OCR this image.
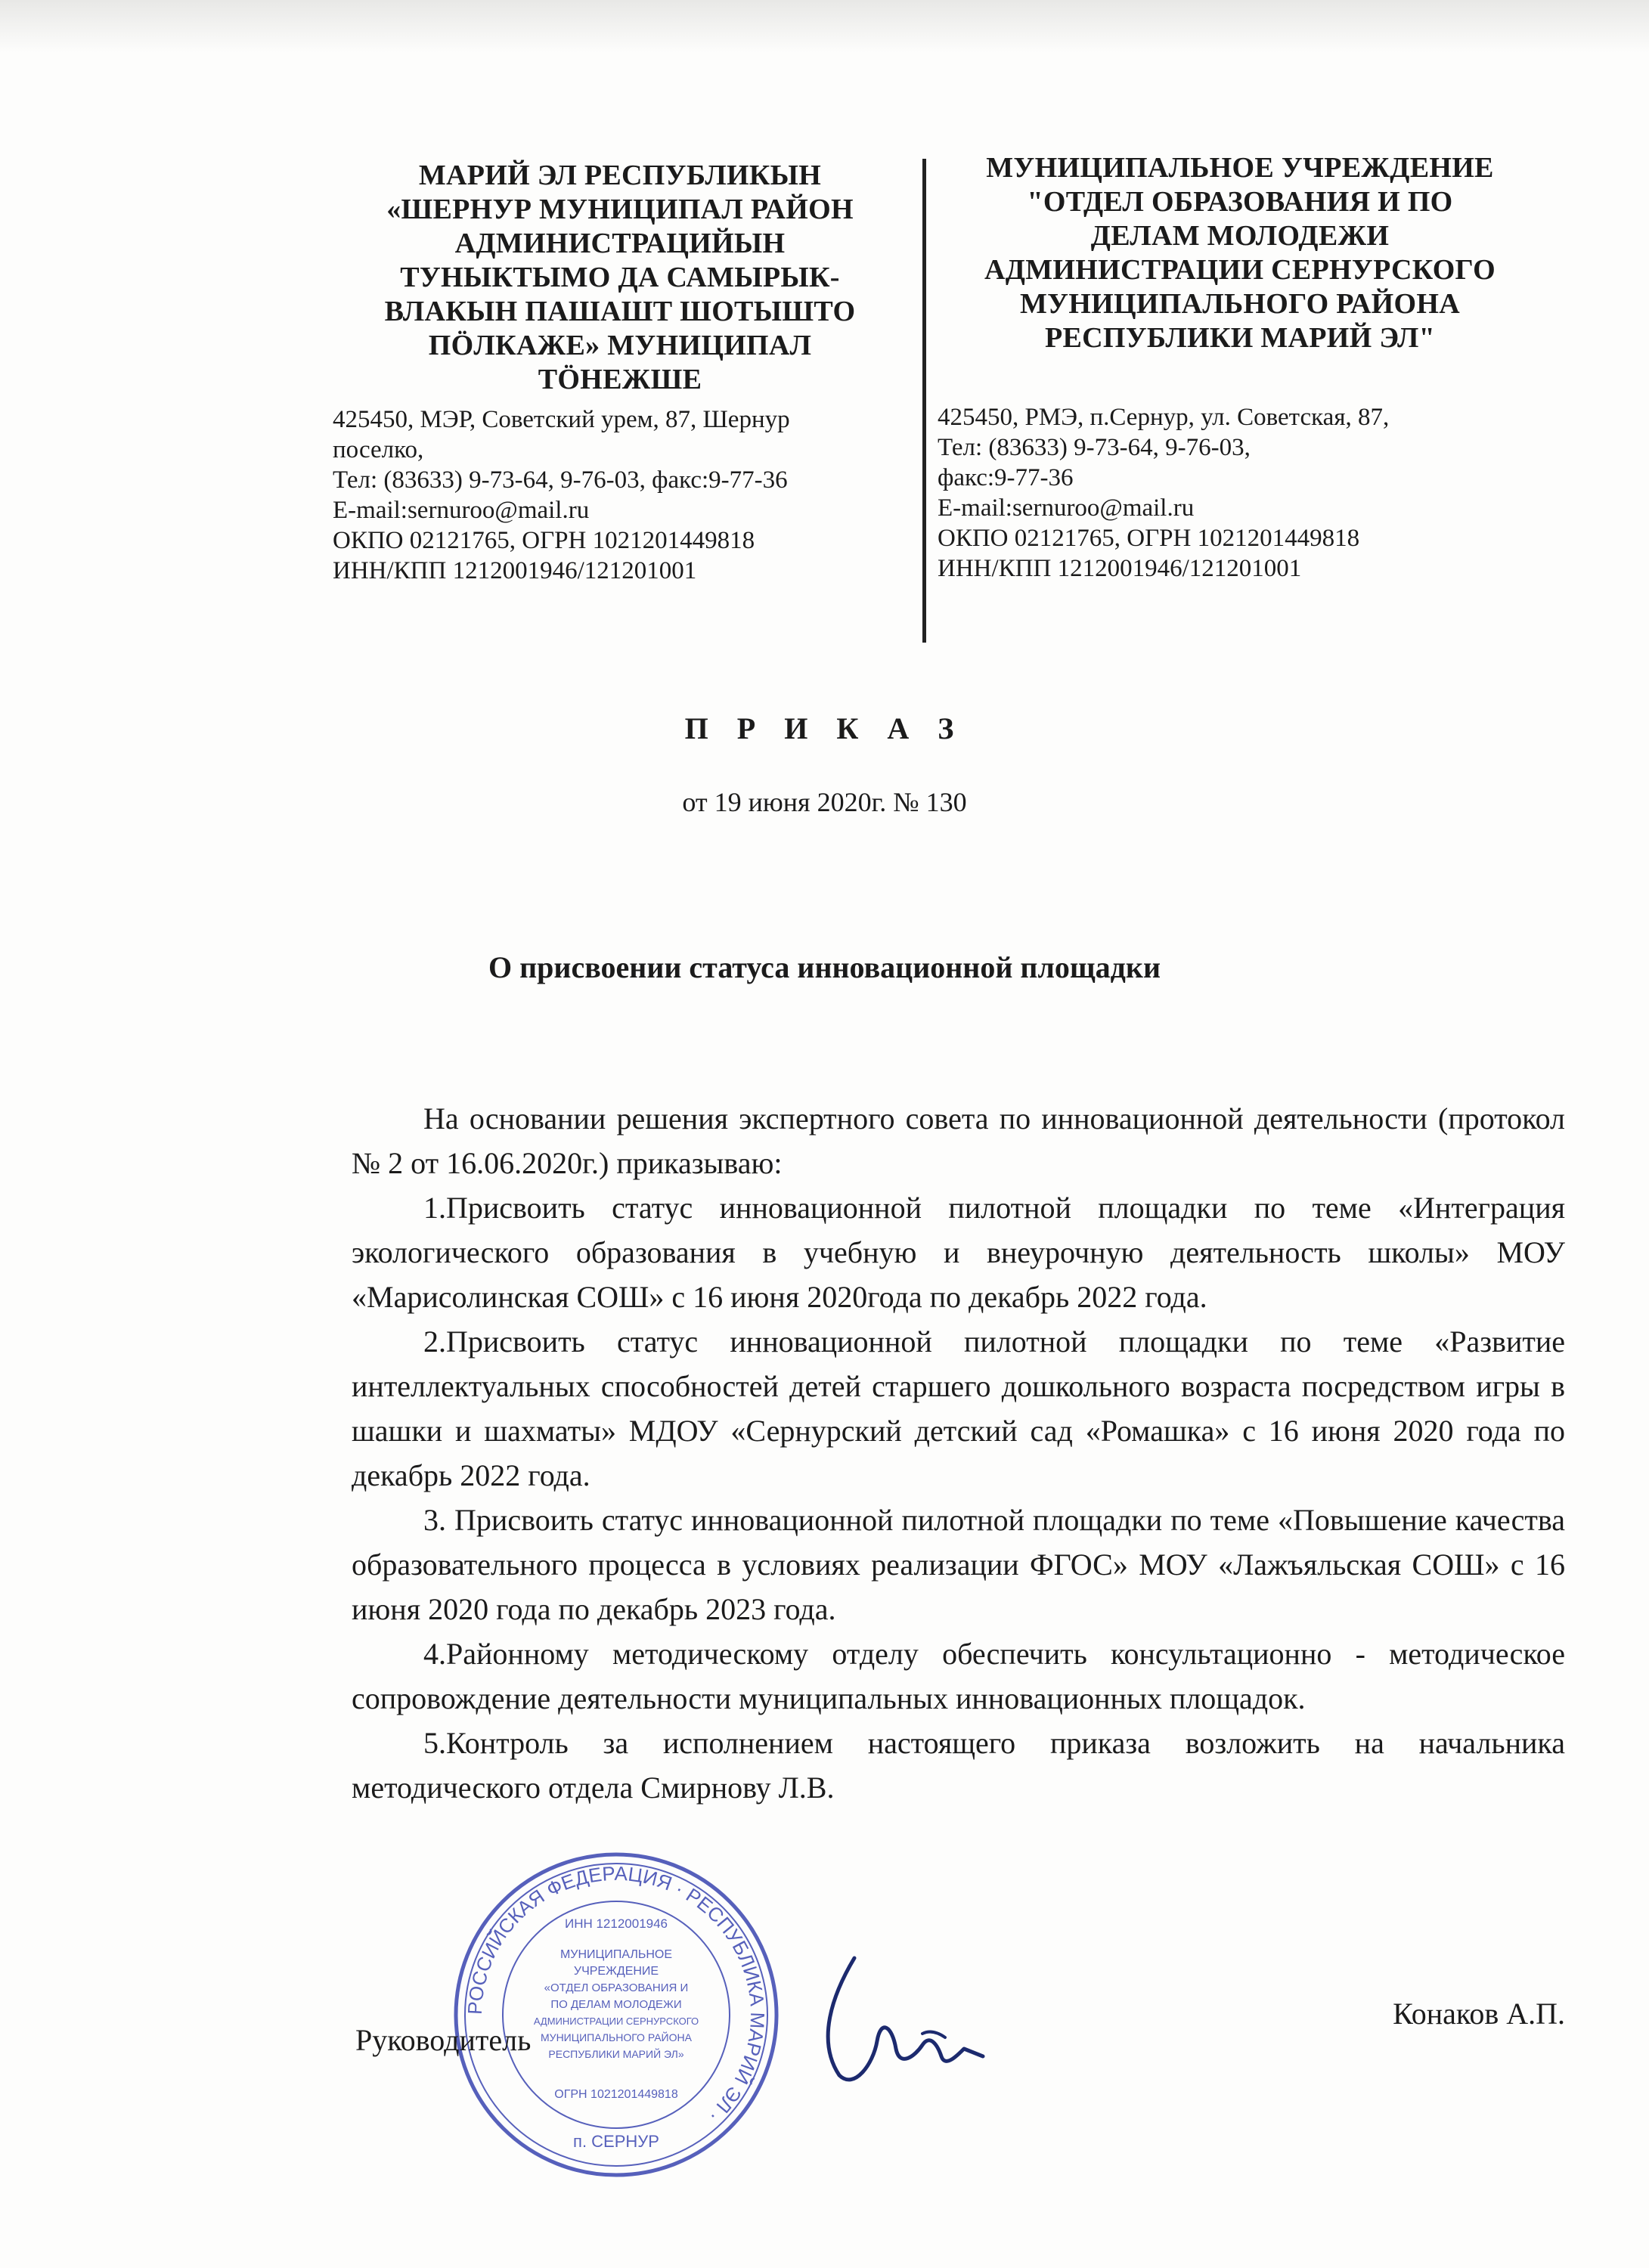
МАРИЙ ЭЛ РЕСПУБЛИКЫН
«ШЕРНУР МУНИЦИПАЛ РАЙОН
АДМИНИСТРАЦИЙЫН
ТУНЫКТЫМО ДА САМЫРЫК-
ВЛАКЫН ПАШАШТ ШОТЫШТО
ПӦЛКАЖЕ» МУНИЦИПАЛ
ТӦНЕЖШЕ
425450, МЭР, Советский урем, 87, Шернур
поселко,
Тел: (83633) 9-73-64, 9-76-03, факс:9-77-36
E-mail:sernuroo@mail.ru
ОКПО 02121765, ОГРН 1021201449818
ИНН/КПП 1212001946/121201001
МУНИЦИПАЛЬНОЕ УЧРЕЖДЕНИЕ
"ОТДЕЛ ОБРАЗОВАНИЯ И ПО
ДЕЛАМ МОЛОДЕЖИ
АДМИНИСТРАЦИИ СЕРНУРСКОГО
МУНИЦИПАЛЬНОГО РАЙОНА
РЕСПУБЛИКИ МАРИЙ ЭЛ"
425450, РМЭ, п.Сернур, ул. Советская, 87,
Тел: (83633) 9-73-64, 9-76-03,
факс:9-77-36
E-mail:sernuroo@mail.ru
ОКПО 02121765, ОГРН 1021201449818
ИНН/КПП 1212001946/121201001
П Р И К А З
от 19 июня 2020г. № 130
О присвоении статуса инновационной площадки

На основании решения экспертного совета по инновационной деятельности (протокол № 2 от 16.06.2020г.) приказываю:

1.Присвоить статус инновационной пилотной площадки по теме «Интеграция экологического образования в учебную и внеурочную деятельность школы» МОУ «Марисолинская СОШ» с 16 июня 2020года по декабрь 2022 года.

2.Присвоить статус инновационной пилотной площадки по теме «Развитие интеллектуальных способностей детей старшего дошкольного возраста посредством игры в шашки и шахматы» МДОУ «Сернурский детский сад «Ромашка» с 16 июня 2020 года по декабрь 2022 года.

3. Присвоить статус инновационной пилотной площадки по теме «Повышение качества образовательного процесса в условиях реализации ФГОС» МОУ «Лажъяльская СОШ» с 16 июня 2020 года по декабрь 2023 года.

4.Районному методическому отделу обеспечить консультационно - методическое сопровождение деятельности муниципальных инновационных площадок.

5.Контроль за исполнением настоящего приказа возложить на начальника методического отдела Смирнову Л.В.

РОССИЙСКАЯ ФЕДЕРАЦИЯ · РЕСПУБЛИКА МАРИЙ ЭЛ ·
ИНН 1212001946
МУНИЦИПАЛЬНОЕ
УЧРЕЖДЕНИЕ
«ОТДЕЛ ОБРАЗОВАНИЯ И
ПО ДЕЛАМ МОЛОДЕЖИ
АДМИНИСТРАЦИИ СЕРНУРСКОГО
МУНИЦИПАЛЬНОГО РАЙОНА
РЕСПУБЛИКИ МАРИЙ ЭЛ»
ОГРН 1021201449818
п. СЕРНУР
Руководитель
Конаков А.П.
